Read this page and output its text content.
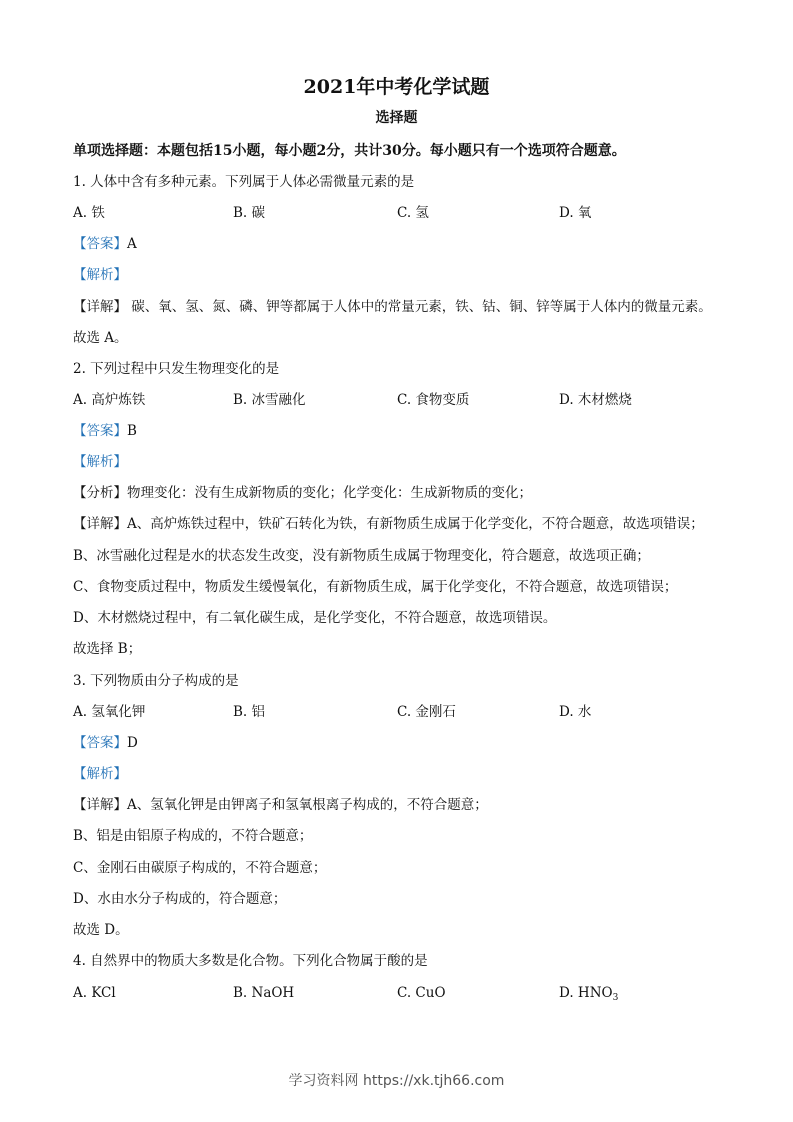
2021年中考化学试题
选择题
单项选择题：本题包括15小题，每小题2分，共计30分。每小题只有一个选项符合题意。
1. 人体中含有多种元素。下列属于人体必需微量元素的是
A. 铁	B. 碳	C. 氢	D. 氧
【答案】A
【解析】
【详解】 碳、氧、氢、氮、磷、钾等都属于人体中的常量元素，铁、钴、铜、锌等属于人体内的微量元素。
故选 A。
2. 下列过程中只发生物理变化的是
A. 高炉炼铁	B. 冰雪融化	C. 食物变质	D. 木材燃烧
【答案】B
【解析】
【分析】物理变化：没有生成新物质的变化；化学变化：生成新物质的变化；
【详解】A、高炉炼铁过程中，铁矿石转化为铁，有新物质生成属于化学变化，不符合题意，故选项错误；
B、冰雪融化过程是水的状态发生改变，没有新物质生成属于物理变化，符合题意，故选项正确；
C、食物变质过程中，物质发生缓慢氧化，有新物质生成，属于化学变化，不符合题意，故选项错误；
D、木材燃烧过程中，有二氧化碳生成，是化学变化，不符合题意，故选项错误。
故选择 B；
3. 下列物质由分子构成的是
A. 氢氧化钾	B. 铝	C. 金刚石	D. 水
【答案】D
【解析】
【详解】A、氢氧化钾是由钾离子和氢氧根离子构成的，不符合题意；
B、铝是由铝原子构成的，不符合题意；
C、金刚石由碳原子构成的，不符合题意；
D、水由水分子构成的，符合题意；
故选 D。
4. 自然界中的物质大多数是化合物。下列化合物属于酸的是
A. KCl	B. NaOH	C. CuO	D. $HNO_3$
学习资料网 https://xk.tjh66.com
